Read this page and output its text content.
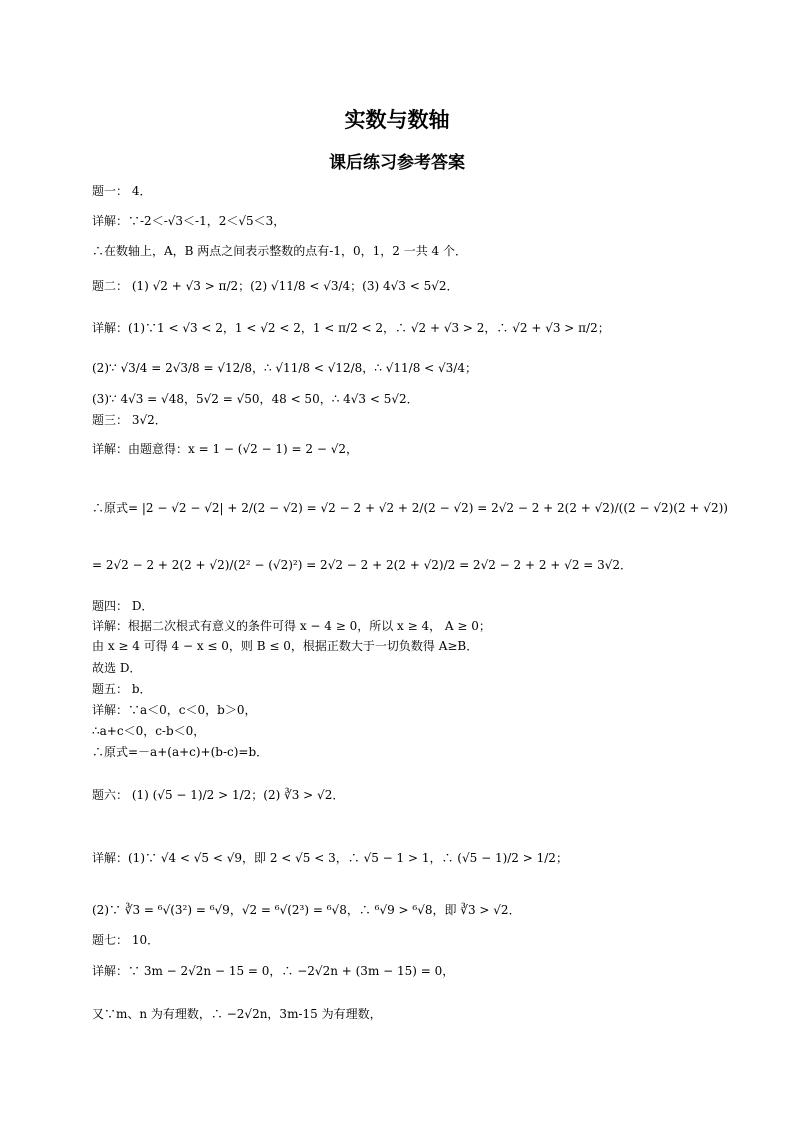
实数与数轴
课后练习参考答案
题一： 4．
详解：∵-2＜-√3＜-1，2＜√5＜3，
∴在数轴上，A，B 两点之间表示整数的点有-1，0，1，2 一共 4 个．
题二： (1) √2 + √3 > π/2；(2) √11/8 < √3/4；(3) 4√3 < 5√2．
详解：(1)∵1 < √3 < 2，1 < √2 < 2，1 < π/2 < 2，∴ √2 + √3 > 2，∴ √2 + √3 > π/2；
(2)∵ √3/4 = 2√3/8 = √12/8，∴ √11/8 < √12/8，∴ √11/8 < √3/4；
(3)∵ 4√3 = √48，5√2 = √50，48 < 50，∴ 4√3 < 5√2．
题三： 3√2．
详解：由题意得：x = 1 − (√2 − 1) = 2 − √2，
∴原式= |2 − √2 − √2| + 2/(2 − √2) = √2 − 2 + √2 + 2/(2 − √2) = 2√2 − 2 + 2(2 + √2)/((2 − √2)(2 + √2))
= 2√2 − 2 + 2(2 + √2)/(2² − (√2)²) = 2√2 − 2 + 2(2 + √2)/2 = 2√2 − 2 + 2 + √2 = 3√2．
题四： D．
详解：根据二次根式有意义的条件可得 x − 4 ≥ 0，所以 x ≥ 4， A ≥ 0；
由 x ≥ 4 可得 4 − x ≤ 0，则 B ≤ 0，根据正数大于一切负数得 A≥B．
故选 D．
题五： b．
详解：∵a＜0，c＜0，b＞0，
∴a+c＜0，c-b＜0，
∴原式=－a+(a+c)+(b-c)=b．
题六： (1) (√5 − 1)/2 > 1/2；(2) ∛3 > √2．
详解：(1)∵ √4 < √5 < √9，即 2 < √5 < 3，∴ √5 − 1 > 1，∴ (√5 − 1)/2 > 1/2；
(2)∵ ∛3 = ⁶√(3²) = ⁶√9，√2 = ⁶√(2³) = ⁶√8，∴ ⁶√9 > ⁶√8，即 ∛3 > √2．
题七： 10．
详解：∵ 3m − 2√2n − 15 = 0，∴ −2√2n + (3m − 15) = 0，
又∵m、n 为有理数，∴ −2√2n，3m-15 为有理数，
